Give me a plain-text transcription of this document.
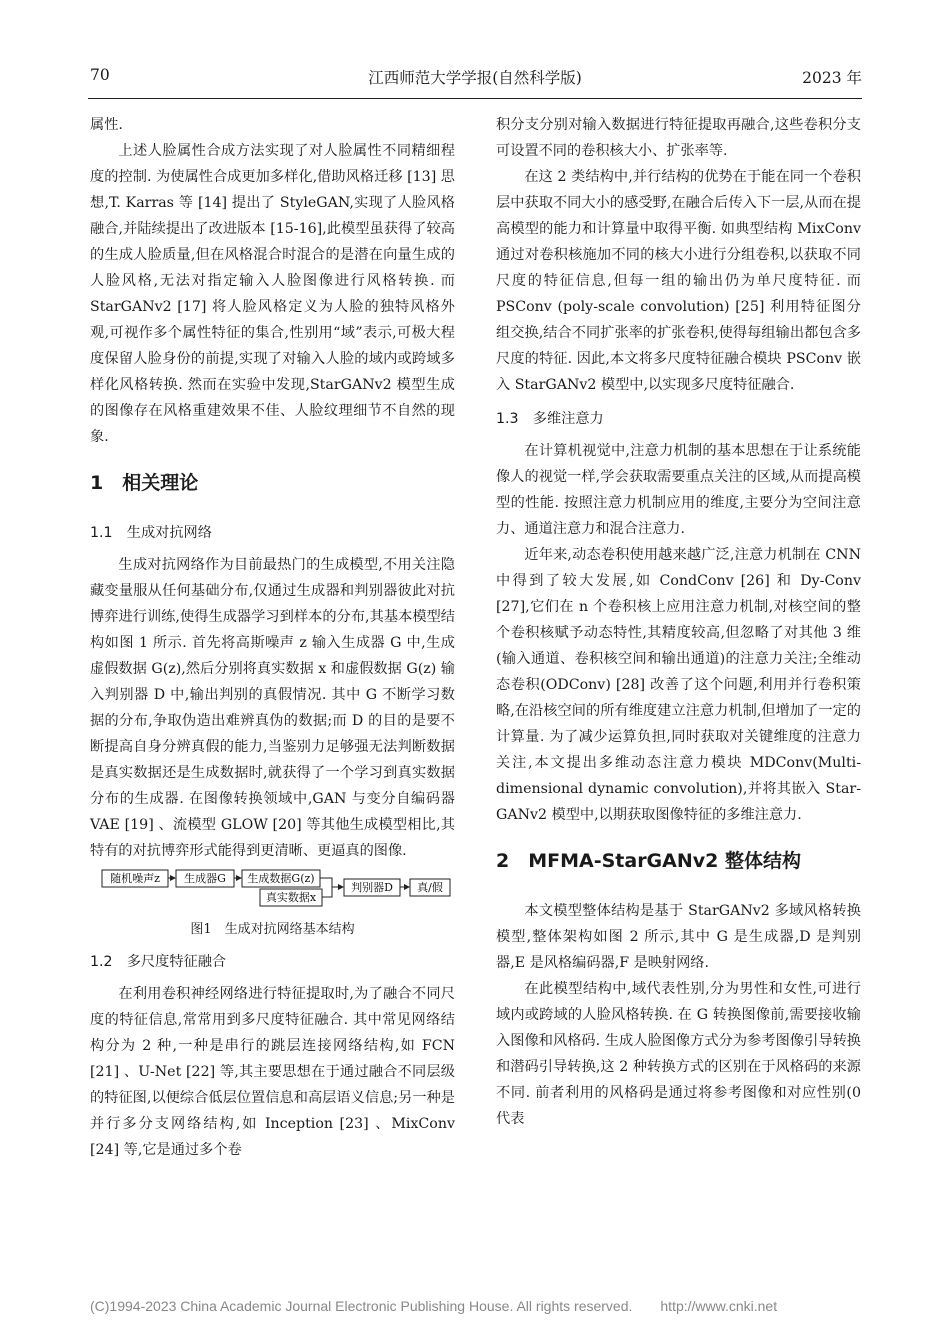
70	江西师范大学学报(自然科学版)	2023 年

属性.

上述人脸属性合成方法实现了对人脸属性不同精细程度的控制. 为使属性合成更加多样化,借助风格迁移 [13] 思想,T. Karras 等 [14] 提出了 StyleGAN,实现了人脸风格融合,并陆续提出了改进版本 [15-16],此模型虽获得了较高的生成人脸质量,但在风格混合时混合的是潜在向量生成的人脸风格,无法对指定输入人脸图像进行风格转换. 而 StarGANv2 [17] 将人脸风格定义为人脸的独特风格外观,可视作多个属性特征的集合,性别用“域”表示,可极大程度保留人脸身份的前提,实现了对输入人脸的域内或跨域多样化风格转换. 然而在实验中发现,StarGANv2 模型生成的图像存在风格重建效果不佳、人脸纹理细节不自然的现象.

1　相关理论
1.1　生成对抗网络

生成对抗网络作为目前最热门的生成模型,不用关注隐藏变量服从任何基础分布,仅通过生成器和判别器彼此对抗博弈进行训练,使得生成器学习到样本的分布,其基本模型结构如图 1 所示. 首先将高斯噪声 z 输入生成器 G 中,生成虚假数据 G(z),然后分别将真实数据 x 和虚假数据 G(z) 输入判别器 D 中,输出判别的真假情况. 其中 G 不断学习数据的分布,争取伪造出难辨真伪的数据;而 D 的目的是要不断提高自身分辨真假的能力,当鉴别力足够强无法判断数据是真实数据还是生成数据时,就获得了一个学习到真实数据分布的生成器. 在图像转换领域中,GAN 与变分自编码器 VAE [19] 、流模型 GLOW [20] 等其他生成模型相比,其特有的对抗博弈形式能得到更清晰、更逼真的图像.

随机噪声z 生成器G 生成数据G(z)
真实数据x
判别器D 真/假
图1　生成对抗网络基本结构
1.2　多尺度特征融合

在利用卷积神经网络进行特征提取时,为了融合不同尺度的特征信息,常常用到多尺度特征融合. 其中常见网络结构分为 2 种,一种是串行的跳层连接网络结构,如 FCN [21] 、U-Net [22] 等,其主要思想在于通过融合不同层级的特征图,以便综合低层位置信息和高层语义信息;另一种是并行多分支网络结构,如 Inception [23] 、MixConv [24] 等,它是通过多个卷

积分支分别对输入数据进行特征提取再融合,这些卷积分支可设置不同的卷积核大小、扩张率等.

在这 2 类结构中,并行结构的优势在于能在同一个卷积层中获取不同大小的感受野,在融合后传入下一层,从而在提高模型的能力和计算量中取得平衡. 如典型结构 MixConv 通过对卷积核施加不同的核大小进行分组卷积,以获取不同尺度的特征信息,但每一组的输出仍为单尺度特征. 而 PSConv (poly-scale convolution) [25] 利用特征图分组交换,结合不同扩张率的扩张卷积,使得每组输出都包含多尺度的特征. 因此,本文将多尺度特征融合模块 PSConv 嵌入 StarGANv2 模型中,以实现多尺度特征融合.

1.3　多维注意力

在计算机视觉中,注意力机制的基本思想在于让系统能像人的视觉一样,学会获取需要重点关注的区域,从而提高模型的性能. 按照注意力机制应用的维度,主要分为空间注意力、通道注意力和混合注意力.

近年来,动态卷积使用越来越广泛,注意力机制在 CNN 中得到了较大发展,如 CondConv [26] 和 Dy-Conv [27],它们在 n 个卷积核上应用注意力机制,对核空间的整个卷积核赋予动态特性,其精度较高,但忽略了对其他 3 维(输入通道、卷积核空间和输出通道)的注意力关注;全维动态卷积(ODConv) [28] 改善了这个问题,利用并行卷积策略,在沿核空间的所有维度建立注意力机制,但增加了一定的计算量. 为了减少运算负担,同时获取对关键维度的注意力关注,本文提出多维动态注意力模块 MDConv(Multi-dimensional dynamic convolution),并将其嵌入 Star-GANv2 模型中,以期获取图像特征的多维注意力.

2　MFMA-StarGANv2 整体结构

本文模型整体结构是基于 StarGANv2 多域风格转换模型,整体架构如图 2 所示,其中 G 是生成器,D 是判别器,E 是风格编码器,F 是映射网络.

在此模型结构中,域代表性别,分为男性和女性,可进行域内或跨域的人脸风格转换. 在 G 转换图像前,需要接收输入图像和风格码. 生成人脸图像方式分为参考图像引导转换和潜码引导转换,这 2 种转换方式的区别在于风格码的来源不同. 前者利用的风格码是通过将参考图像和对应性别(0 代表

(C)1994-2023 China Academic Journal Electronic Publishing House. All rights reserved.　　http://www.cnki.net
